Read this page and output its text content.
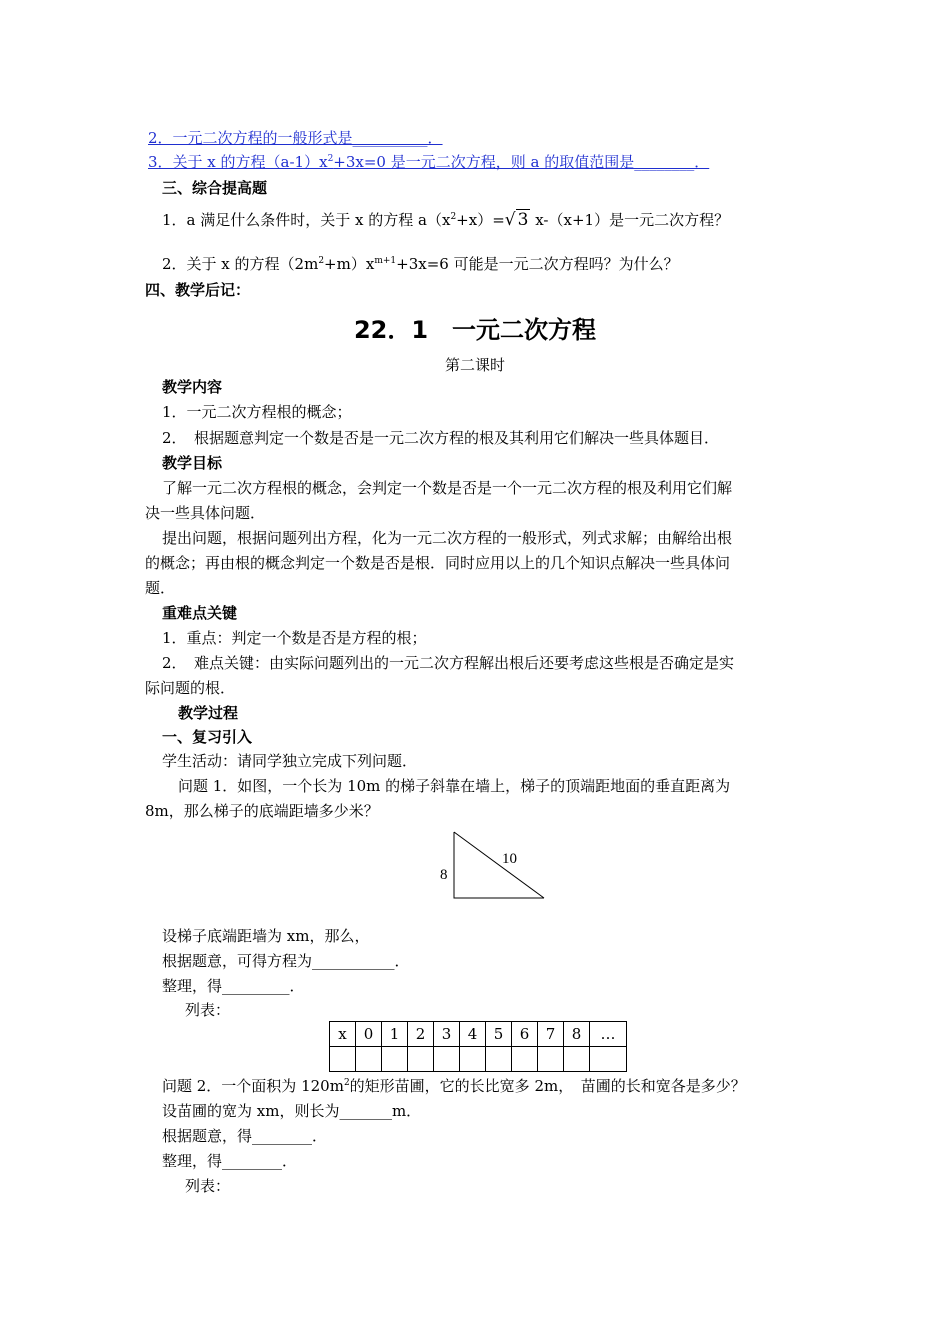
2．一元二次方程的一般形式是__________．
3．关于 x 的方程$(a-1)x^2+3x=0$ 是一元二次方程，则 a 的取值范围是________．
三、综合提高题
1．a 满足什么条件时，关于 x 的方程 $a(x^2+x)=√$ 3 x-（x+1）是一元二次方程？
2．关于 x 的方程$(2m^2+m)x^{m+1}+3x=6$ 可能是一元二次方程吗？为什么？
四、教学后记：
22．1　一元二次方程
第二课时
教学内容
1．一元二次方程根的概念；
2．　根据题意判定一个数是否是一元二次方程的根及其利用它们解决一些具体题目．
教学目标
了解一元二次方程根的概念，会判定一个数是否是一个一元二次方程的根及利用它们解
决一些具体问题．
提出问题，根据问题列出方程，化为一元二次方程的一般形式，列式求解；由解给出根
的概念；再由根的概念判定一个数是否是根．同时应用以上的几个知识点解决一些具体问
题．
重难点关键
1．重点：判定一个数是否是方程的根；
2．　难点关键：由实际问题列出的一元二次方程解出根后还要考虑这些根是否确定是实
际问题的根．
教学过程
一、复习引入
学生活动：请同学独立完成下列问题．
问题 1．如图，一个长为 10m 的梯子斜靠在墙上，梯子的顶端距地面的垂直距离为
8m，那么梯子的底端距墙多少米？
10
8
设梯子底端距墙为 xm，那么，
根据题意，可得方程为___________．
整理，得_________．
列表：
x	0	1	2	3	4	5	6	7	8	…

问题 2．一个面积为 $120m^2$的矩形苗圃，它的长比宽多 2m，　苗圃的长和宽各是多少？
设苗圃的宽为 xm，则长为_______m．
根据题意，得________．
整理，得________．
列表：
